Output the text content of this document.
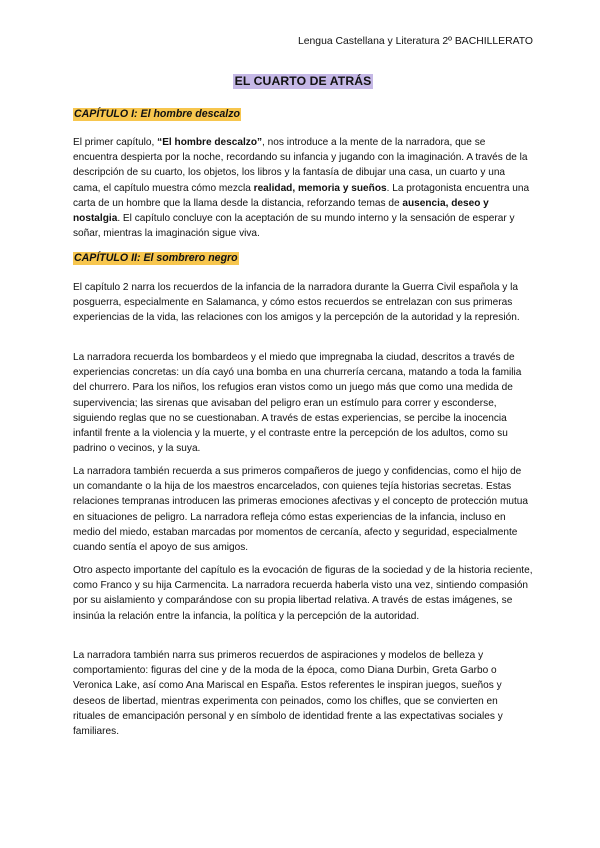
Lengua Castellana y Literatura 2º BACHILLERATO
EL CUARTO DE ATRÁS
CAPÍTULO I: El hombre descalzo

El primer capítulo, “El hombre descalzo”, nos introduce a la mente de la narradora, que se encuentra despierta por la noche, recordando su infancia y jugando con la imaginación. A través de la descripción de su cuarto, los objetos, los libros y la fantasía de dibujar una casa, un cuarto y una cama, el capítulo muestra cómo mezcla realidad, memoria y sueños. La protagonista encuentra una carta de un hombre que la llama desde la distancia, reforzando temas de ausencia, deseo y nostalgia. El capítulo concluye con la aceptación de su mundo interno y la sensación de esperar y soñar, mientras la imaginación sigue viva.

CAPÍTULO II: El sombrero negro

El capítulo 2 narra los recuerdos de la infancia de la narradora durante la Guerra Civil española y la posguerra, especialmente en Salamanca, y cómo estos recuerdos se entrelazan con sus primeras experiencias de la vida, las relaciones con los amigos y la percepción de la autoridad y la represión.

La narradora recuerda los bombardeos y el miedo que impregnaba la ciudad, descritos a través de experiencias concretas: un día cayó una bomba en una churrería cercana, matando a toda la familia del churrero. Para los niños, los refugios eran vistos como un juego más que como una medida de supervivencia; las sirenas que avisaban del peligro eran un estímulo para correr y esconderse, siguiendo reglas que no se cuestionaban. A través de estas experiencias, se percibe la inocencia infantil frente a la violencia y la muerte, y el contraste entre la percepción de los adultos, como su padrino o vecinos, y la suya.

La narradora también recuerda a sus primeros compañeros de juego y confidencias, como el hijo de un comandante o la hija de los maestros encarcelados, con quienes tejía historias secretas. Estas relaciones tempranas introducen las primeras emociones afectivas y el concepto de protección mutua en situaciones de peligro. La narradora refleja cómo estas experiencias de la infancia, incluso en medio del miedo, estaban marcadas por momentos de cercanía, afecto y seguridad, especialmente cuando sentía el apoyo de sus amigos.

Otro aspecto importante del capítulo es la evocación de figuras de la sociedad y de la historia reciente, como Franco y su hija Carmencita. La narradora recuerda haberla visto una vez, sintiendo compasión por su aislamiento y comparándose con su propia libertad relativa. A través de estas imágenes, se insinúa la relación entre la infancia, la política y la percepción de la autoridad.

La narradora también narra sus primeros recuerdos de aspiraciones y modelos de belleza y comportamiento: figuras del cine y de la moda de la época, como Diana Durbin, Greta Garbo o Veronica Lake, así como Ana Mariscal en España. Estos referentes le inspiran juegos, sueños y deseos de libertad, mientras experimenta con peinados, como los chifles, que se convierten en rituales de emancipación personal y en símbolo de identidad frente a las expectativas sociales y familiares.
